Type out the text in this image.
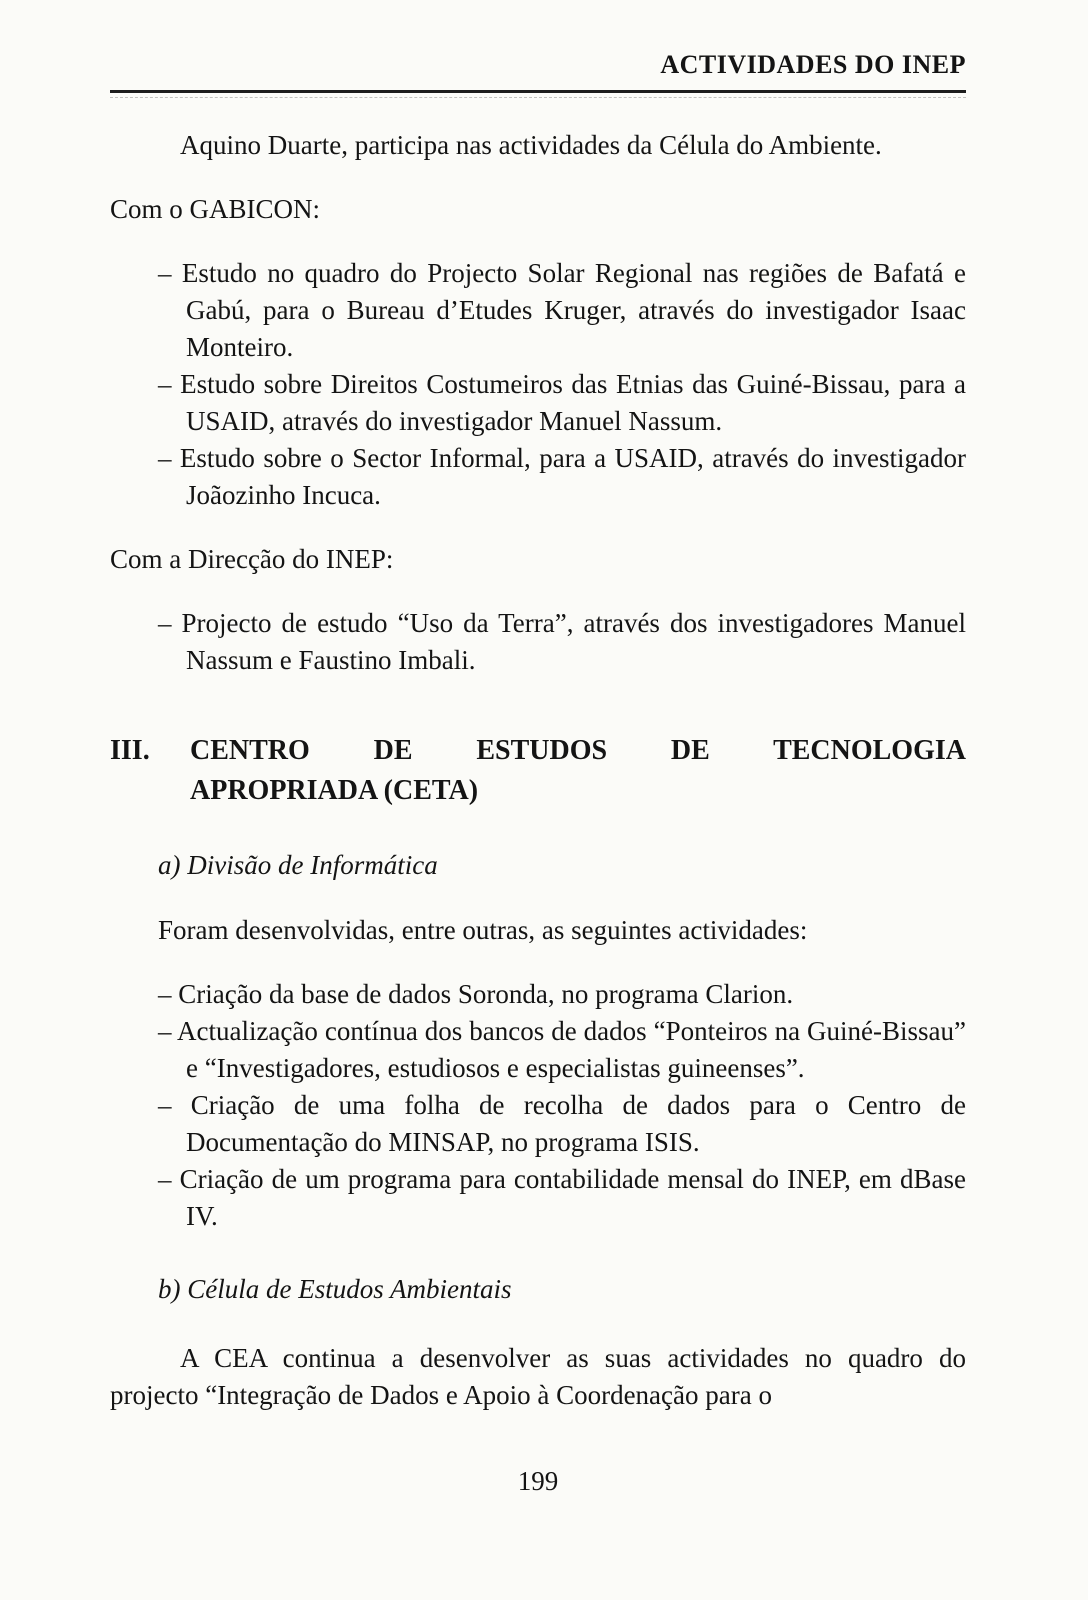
ACTIVIDADES DO INEP

Aquino Duarte, participa nas actividades da Célula do Ambiente.

Com o GABICON:

– Estudo no quadro do Projecto Solar Regional nas regiões de Bafatá e Gabú, para o Bureau d’Etudes Kruger, através do investigador Isaac Monteiro.

– Estudo sobre Direitos Costumeiros das Etnias das Guiné-Bissau, para a USAID, através do investigador Manuel Nassum.

– Estudo sobre o Sector Informal, para a USAID, através do investigador Joãozinho Incuca.

Com a Direcção do INEP:

– Projecto de estudo “Uso da Terra”, através dos investigadores Manuel Nassum e Faustino Imbali.

III.	CENTRO DE ESTUDOS DE TECNOLOGIA
APROPRIADA (CETA)

a) Divisão de Informática

Foram desenvolvidas, entre outras, as seguintes actividades:

– Criação da base de dados Soronda, no programa Clarion.

– Actualização contínua dos bancos de dados “Ponteiros na Guiné-Bissau” e “Investigadores, estudiosos e especialistas guineenses”.

– Criação de uma folha de recolha de dados para o Centro de Documentação do MINSAP, no programa ISIS.

– Criação de um programa para contabilidade mensal do INEP, em dBase IV.

b) Célula de Estudos Ambientais

A CEA continua a desenvolver as suas actividades no quadro do projecto “Integração de Dados e Apoio à Coordenação para o

199
